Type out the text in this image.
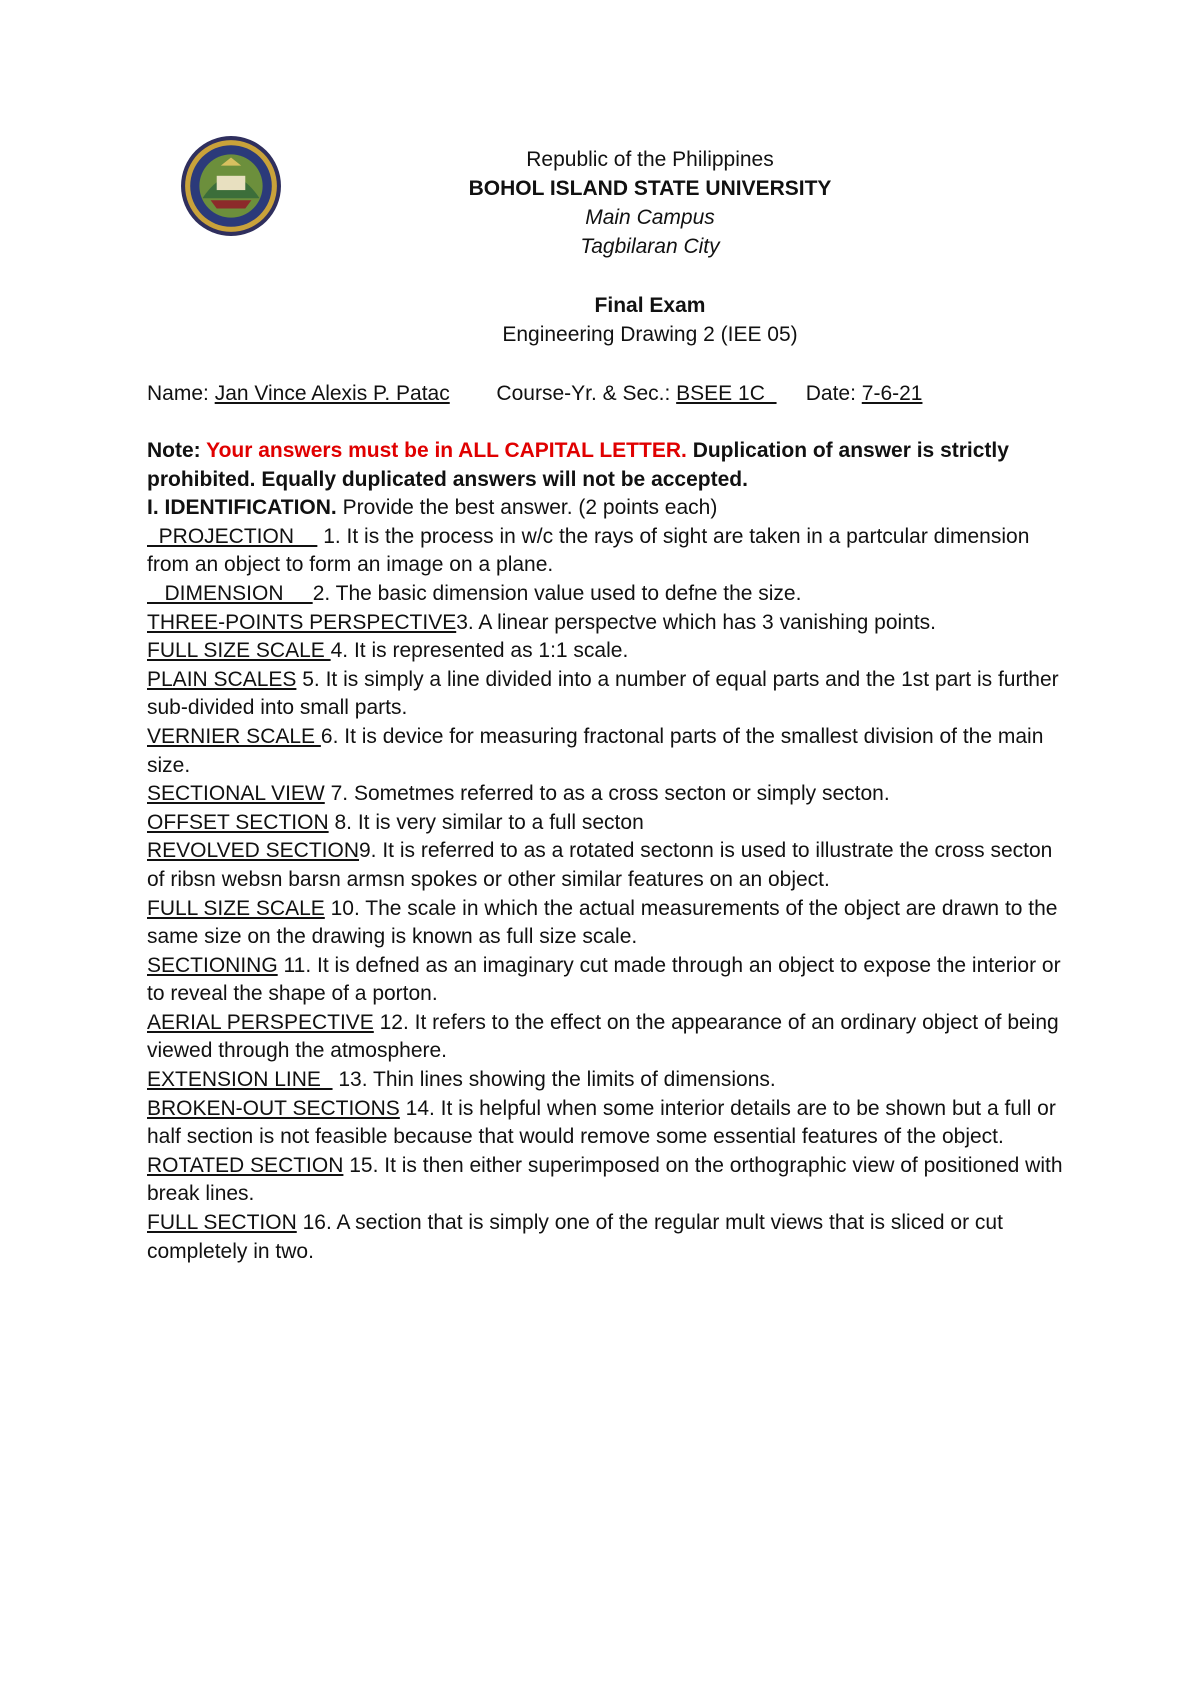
Republic of the Philippines
BOHOL ISLAND STATE UNIVERSITY
Main Campus
Tagbilaran City
Final Exam
Engineering Drawing 2 (IEE 05)
Name: Jan Vince Alexis P. Patac Course-Yr. & Sec.: BSEE 1C       Date: 7-6-21
Note: Your answers must be in ALL CAPITAL LETTER. Duplication of answer is strictly prohibited. Equally duplicated answers will not be accepted.
I. IDENTIFICATION. Provide the best answer. (2 points each)
PROJECTION     1. It is the process in w/c the rays of sight are taken in a partcular dimension from an object to form an image on a plane.
DIMENSION     2. The basic dimension value used to defne the size.
THREE-POINTS PERSPECTIVE3. A linear perspectve which has 3 vanishing points.
FULL SIZE SCALE 4. It is represented as 1:1 scale.
PLAIN SCALES 5. It is simply a line divided into a number of equal parts and the 1st part is further sub-divided into small parts.
VERNIER SCALE 6. It is device for measuring fractonal parts of the smallest division of the main size.
SECTIONAL VIEW 7. Sometmes referred to as a cross secton or simply secton.
OFFSET SECTION 8. It is very similar to a full secton
REVOLVED SECTION9. It is referred to as a rotated sectonn is used to illustrate the cross secton of ribsn websn barsn armsn spokes or other similar features on an object.
FULL SIZE SCALE 10. The scale in which the actual measurements of the object are drawn to the same size on the drawing is known as full size scale.
SECTIONING 11. It is defned as an imaginary cut made through an object to expose the interior or to reveal the shape of a porton.
AERIAL PERSPECTIVE 12. It refers to the effect on the appearance of an ordinary object of being viewed through the atmosphere.
EXTENSION LINE   13. Thin lines showing the limits of dimensions.
BROKEN-OUT SECTIONS 14. It is helpful when some interior details are to be shown but a full or half section is not feasible because that would remove some essential features of the object.
ROTATED SECTION 15. It is then either superimposed on the orthographic view of positioned with break lines.
FULL SECTION 16. A section that is simply one of the regular mult views that is sliced or cut completely in two.
